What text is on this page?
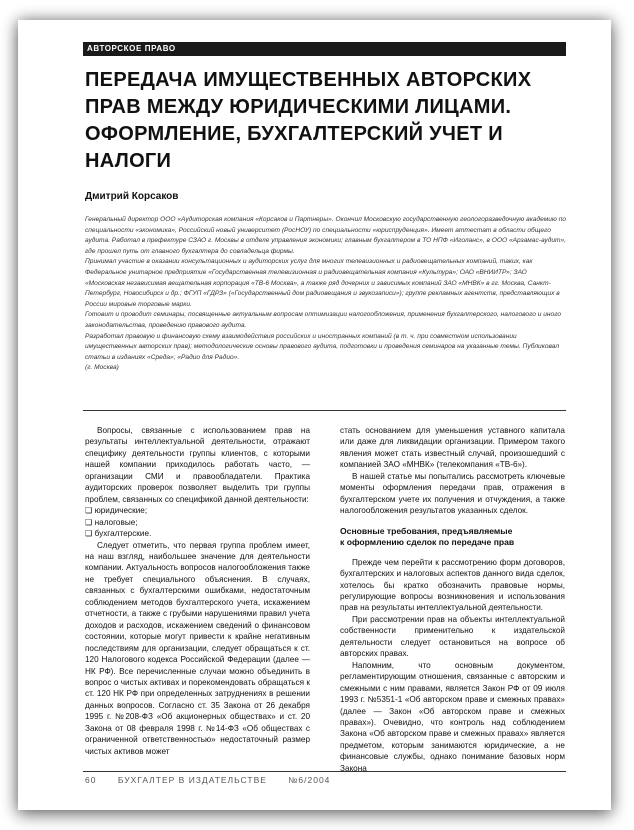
АВТОРСКОЕ ПРАВО
ПЕРЕДАЧА ИМУЩЕСТВЕННЫХ АВТОРСКИХ
ПРАВ МЕЖДУ ЮРИДИЧЕСКИМИ ЛИЦАМИ.
ОФОРМЛЕНИЕ, БУХГАЛТЕРСКИЙ УЧЕТ И НАЛОГИ
Дмитрий Корсаков

Генеральный директор ООО «Аудиторская компания «Корсаков и Партнеры». Окончил Московскую государственную геологоразведочную академию по специальности «экономика», Российский новый университет (РосНОУ) по специальности «юриспруденция». Имеет аттестат в области общего аудита. Работал в префектуре СЗАО г. Москвы в отделе управления экономики; главным бухгалтером в ТО НПФ «Иголанс», в ООО «Арзамас-аудит», где прошел путь от главного бухгалтера до совладельца фирмы.

Принимал участие в оказании консультационных и аудиторских услуг для многих телевизионных и радиовещательных компаний, таких, как Федеральное унитарное предприятие «Государственная телевизионная и радиовещательная компания «Культура»; ОАО «ВНИИТР»; ЗАО «Московская независимая вещательная корпорация «ТВ-6 Москва», а также ряд дочерних и зависимых компаний ЗАО «МНВК» в гг. Москва, Санкт-Петербург, Новосибирск и др.; ФГУП «ГДРЗ» («Государственный дом радиовещания и звукозаписи»); группе рекламных агентств, представляющих в России мировые торговые марки.

Готовит и проводит семинары, посвященные актуальным вопросам оптимизации налогообложения, применения бухгалтерского, налогового и иного законодательства, проведению правового аудита.

Разработал правовую и финансовую схему взаимодействия российских и иностранных компаний (в т. ч. при совместном использовании имущественных авторских прав); методологические основы правового аудита, подготовки и проведения семинаров на указанные темы. Публиковал статьи в изданиях «Среда»; «Радио для Радио».

(г. Москва)

Вопросы, связанные с использованием прав на результаты интеллектуальной деятельности, отражают специфику деятельности группы клиентов, с которыми нашей компании приходилось работать часто, — организации СМИ и правообладатели. Практика аудиторских проверок позволяет выделить три группы проблем, связанных со спецификой данной деятельности:

❑ юридические;

❑ налоговые;

❑ бухгалтерские.

Следует отметить, что первая группа проблем имеет, на наш взгляд, наибольшее значение для деятельности компании. Актуальность вопросов налогообложения также не требует специального объяснения. В случаях, связанных с бухгалтерскими ошибками, недостаточным соблюдением методов бухгалтерского учета, искажением отчетности, а также с грубыми нарушениями правил учета доходов и расходов, искажением сведений о финансовом состоянии, которые могут привести к крайне негативным последствиям для организации, следует обращаться к ст. 120 Налогового кодекса Российской Федерации (далее — НК РФ). Все перечисленные случаи можно объединить в вопрос о чистых активах и порекомендовать обращаться к ст. 120 НК РФ при определенных затруднениях в решении данных вопросов. Согласно ст. 35 Закона от 26 декабря 1995 г. №208-ФЗ «Об акционерных обществах» и ст. 20 Закона от 08 февраля 1998 г. №14-ФЗ «Об обществах с ограниченной ответственностью» недостаточный размер чистых активов может

стать основанием для уменьшения уставного капитала или даже для ликвидации организации. Примером такого явления может стать известный случай, произошедший с компанией ЗАО «МНВК» (телекомпания «ТВ-6»).

В нашей статье мы попытались рассмотреть ключевые моменты оформления передачи прав, отражения в бухгалтерском учете их получения и отчуждения, а также налогообложения результатов указанных сделок.

Основные требования, предъявляемые
к оформлению сделок по передаче прав

Прежде чем перейти к рассмотрению форм договоров, бухгалтерских и налоговых аспектов данного вида сделок, хотелось бы кратко обозначить правовые нормы, регулирующие вопросы возникновения и использования прав на результаты интеллектуальной деятельности.

При рассмотрении прав на объекты интеллектуальной собственности применительно к издательской деятельности следует остановиться на вопросе об авторских правах.

Напомним, что основным документом, регламентирующим отношения, связанные с авторским и смежными с ним правами, является Закон РФ от 09 июля 1993 г. №5351-1 «Об авторском праве и смежных правах» (далее — Закон «Об авторском праве и смежных правах»). Очевидно, что контроль над соблюдением Закона «Об авторском праве и смежных правах» является предметом, которым занимаются юридические, а не финансовые службы, однако понимание базовых норм Закона

60	БУХГАЛТЕР В ИЗДАТЕЛЬСТВЕ	№6/2004
